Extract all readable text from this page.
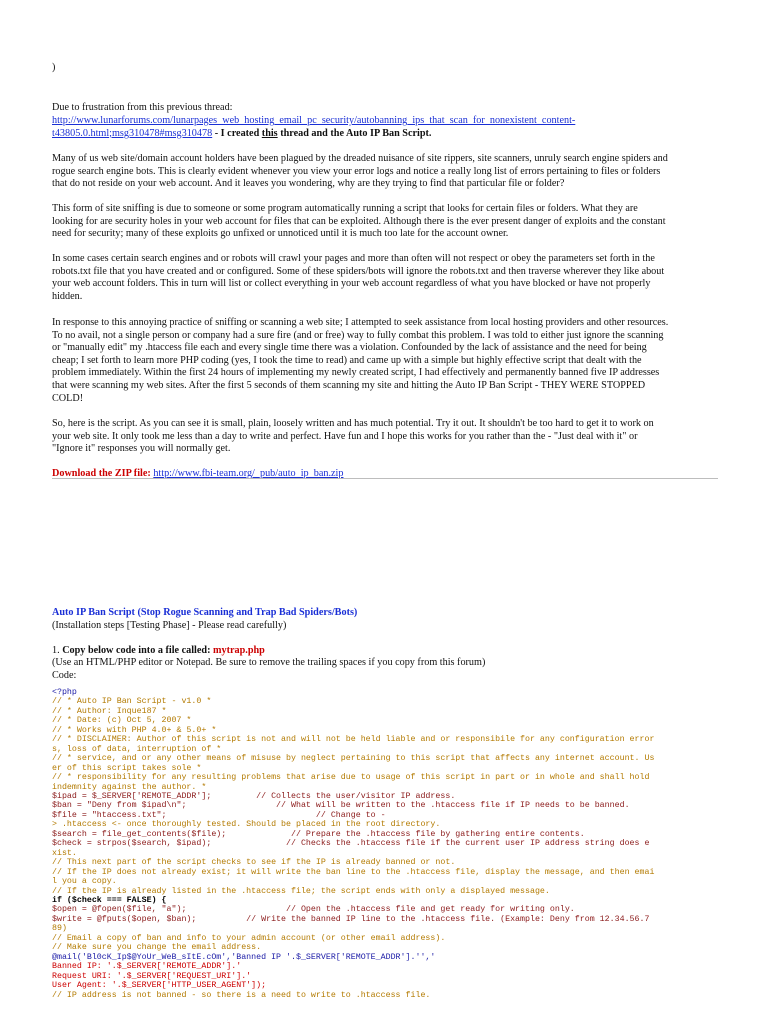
)

Due to frustration from this previous thread:

http://www.lunarforums.com/lunarpages_web_hosting_email_pc_security/autobanning_ips_that_scan_for_nonexistent_content-
t43805.0.html;msg310478#msg310478 - I created this thread and the Auto IP Ban Script.
Many of us web site/domain account holders have been plagued by the dreaded nuisance of site rippers, site scanners, unruly search engine spiders and
rogue search engine bots. This is clearly evident whenever you view your error logs and notice a really long list of errors pertaining to files or folders
that do not reside on your web account. And it leaves you wondering, why are they trying to find that particular file or folder?
This form of site sniffing is due to someone or some program automatically running a script that looks for certain files or folders. What they are
looking for are security holes in your web account for files that can be exploited. Although there is the ever present danger of exploits and the constant
need for security; many of these exploits go unfixed or unnoticed until it is much too late for the account owner.
In some cases certain search engines and or robots will crawl your pages and more than often will not respect or obey the parameters set forth in the
robots.txt file that you have created and or configured. Some of these spiders/bots will ignore the robots.txt and then traverse wherever they like about
your web account folders. This in turn will list or collect everything in your web account regardless of what you have blocked or have not properly
hidden.
In response to this annoying practice of sniffing or scanning a web site; I attempted to seek assistance from local hosting providers and other resources.
To no avail, not a single person or company had a sure fire (and or free) way to fully combat this problem. I was told to either just ignore the scanning
or "manually edit" my .htaccess file each and every single time there was a violation. Confounded by the lack of assistance and the need for being
cheap; I set forth to learn more PHP coding (yes, I took the time to read) and came up with a simple but highly effective script that dealt with the
problem immediately. Within the first 24 hours of implementing my newly created script, I had effectively and permanently banned five IP addresses
that were scanning my web sites. After the first 5 seconds of them scanning my site and hitting the Auto IP Ban Script - THEY WERE STOPPED
COLD!
So, here is the script. As you can see it is small, plain, loosely written and has much potential. Try it out. It shouldn't be too hard to get it to work on
your web site. It only took me less than a day to write and perfect. Have fun and I hope this works for you rather than the - "Just deal with it" or
"Ignore it" responses you will normally get.
Download the ZIP file: http://www.fbi-team.org/_pub/auto_ip_ban.zip

Auto IP Ban Script (Stop Rogue Scanning and Trap Bad Spiders/Bots)

(Installation steps [Testing Phase] - Please read carefully)

1. Copy below code into a file called: mytrap.php

(Use an HTML/PHP editor or Notepad. Be sure to remove the trailing spaces if you copy from this forum)

Code:

<?php
// * Auto IP Ban Script - v1.0 *
// * Author: Inque187 *
// * Date: (c) Oct 5, 2007 *
// * Works with PHP 4.0+ & 5.0+ *
// * DISCLAIMER: Author of this script is not and will not be held liable and or responsibile for any configuration error
s, loss of data, interruption of *
// * service, and or any other means of misuse by neglect pertaining to this script that affects any internet account. Us
er of this script takes sole *
// * responsibility for any resulting problems that arise due to usage of this script in part or in whole and shall hold
indemnity against the author. *
$ipad = $_SERVER['REMOTE_ADDR'];         // Collects the user/visitor IP address.
$ban = "Deny from $ipad\n";                  // What will be written to the .htaccess file if IP needs to be banned.
$file = "htaccess.txt";                              // Change to -
> .htaccess <- once thoroughly tested. Should be placed in the root directory.
$search = file_get_contents($file);             // Prepare the .htaccess file by gathering entire contents.
$check = strpos($search, $ipad);               // Checks the .htaccess file if the current user IP address string does e
xist.
// This next part of the script checks to see if the IP is already banned or not.
// If the IP does not already exist; it will write the ban line to the .htaccess file, display the message, and then emai
l you a copy.
// If the IP is already listed in the .htaccess file; the script ends with only a displayed message.
if ($check === FALSE) {
$open = @fopen($file, "a");                    // Open the .htaccess file and get ready for writing only.
$write = @fputs($open, $ban);          // Write the banned IP line to the .htaccess file. (Example: Deny from 12.34.56.7
89)
// Email a copy of ban and info to your admin account (or other email address).
// Make sure you change the email address.
@mail('Bl0cK_Ip$@YoUr_WeB_sItE.cOm','Banned IP '.$_SERVER['REMOTE_ADDR'].'','
Banned IP: '.$_SERVER['REMOTE_ADDR'].'
Request URI: '.$_SERVER['REQUEST_URI'].'
User Agent: '.$_SERVER['HTTP_USER_AGENT']);
// IP address is not banned - so there is a need to write to .htaccess file.
